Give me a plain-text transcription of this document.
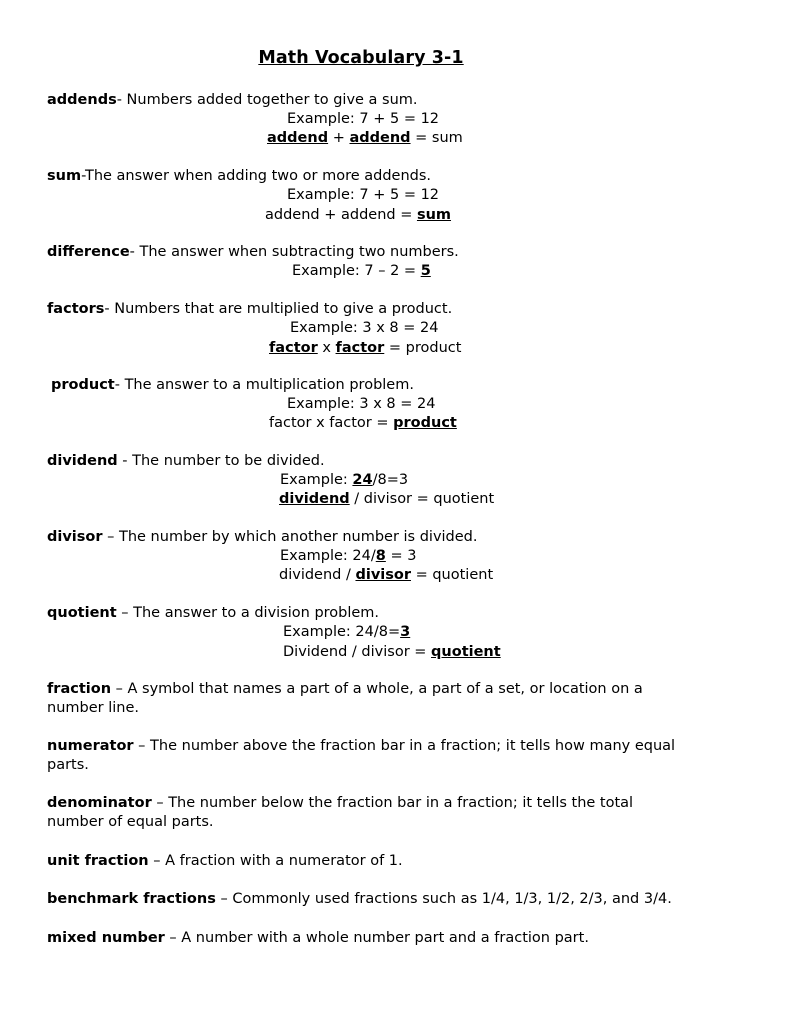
Math Vocabulary 3-1
addends- Numbers added together to give a sum.
Example: 7 + 5 = 12
addend + addend = sum
sum-The answer when adding two or more addends.
Example: 7 + 5 = 12
addend + addend = sum
difference- The answer when subtracting two numbers.
Example: 7 – 2 = 5
factors- Numbers that are multiplied to give a product.
Example: 3 x 8 = 24
factor x factor = product
product- The answer to a multiplication problem.
Example: 3 x 8 = 24
factor x factor = product
dividend - The number to be divided.
Example: 24/8=3
dividend / divisor = quotient
divisor – The number by which another number is divided.
Example: 24/8 = 3
dividend / divisor = quotient
quotient – The answer to a division problem.
Example: 24/8=3
Dividend / divisor = quotient
fraction – A symbol that names a part of a whole, a part of a set, or location on a number line.
numerator – The number above the fraction bar in a fraction; it tells how many equal parts.
denominator – The number below the fraction bar in a fraction; it tells the total number of equal parts.
unit fraction – A fraction with a numerator of 1.
benchmark fractions – Commonly used fractions such as 1/4, 1/3, 1/2, 2/3, and 3/4.
mixed number – A number with a whole number part and a fraction part.
